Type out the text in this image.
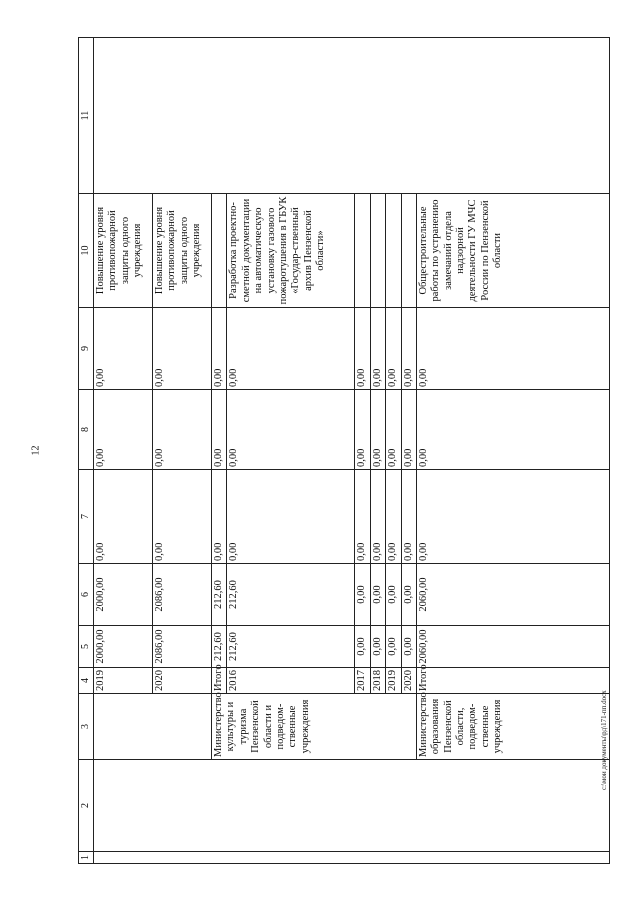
12
c:\мои документы\рд\171-пп.docx
1	2	3	4	5	6	7	8	9	10	11
			2019	2000,00	2000,00	0,00	0,00	0,00	Повышение уровня противопожарной защиты одного учреждения	
			2020	2086,00	2086,00	0,00	0,00	0,00	Повышение уровня противопожарной защиты одного учреждения	
		Министерство культуры и туризма Пензенской области и подведом-ственные учреждения	Итого	212,60	212,60	0,00	0,00	0,00		
			2016	212,60	212,60	0,00	0,00	0,00	Разработка проектно-сметной документации на автоматическую установку газового пожаротушения в ГБУК «Государ-ственный архив Пензенской области»	
			2017	0,00	0,00	0,00	0,00	0,00		
			2018	0,00	0,00	0,00	0,00	0,00		
			2019	0,00	0,00	0,00	0,00	0,00		
			2020	0,00	0,00	0,00	0,00	0,00		
		Министерство образования Пензенской области, подведом-ственные учреждения	Итого	2060,00	2060,00	0,00	0,00	0,00	Общестроительные работы по устранению замечаний отдела надзорной деятельности ГУ МЧС России по Пензенской области	
